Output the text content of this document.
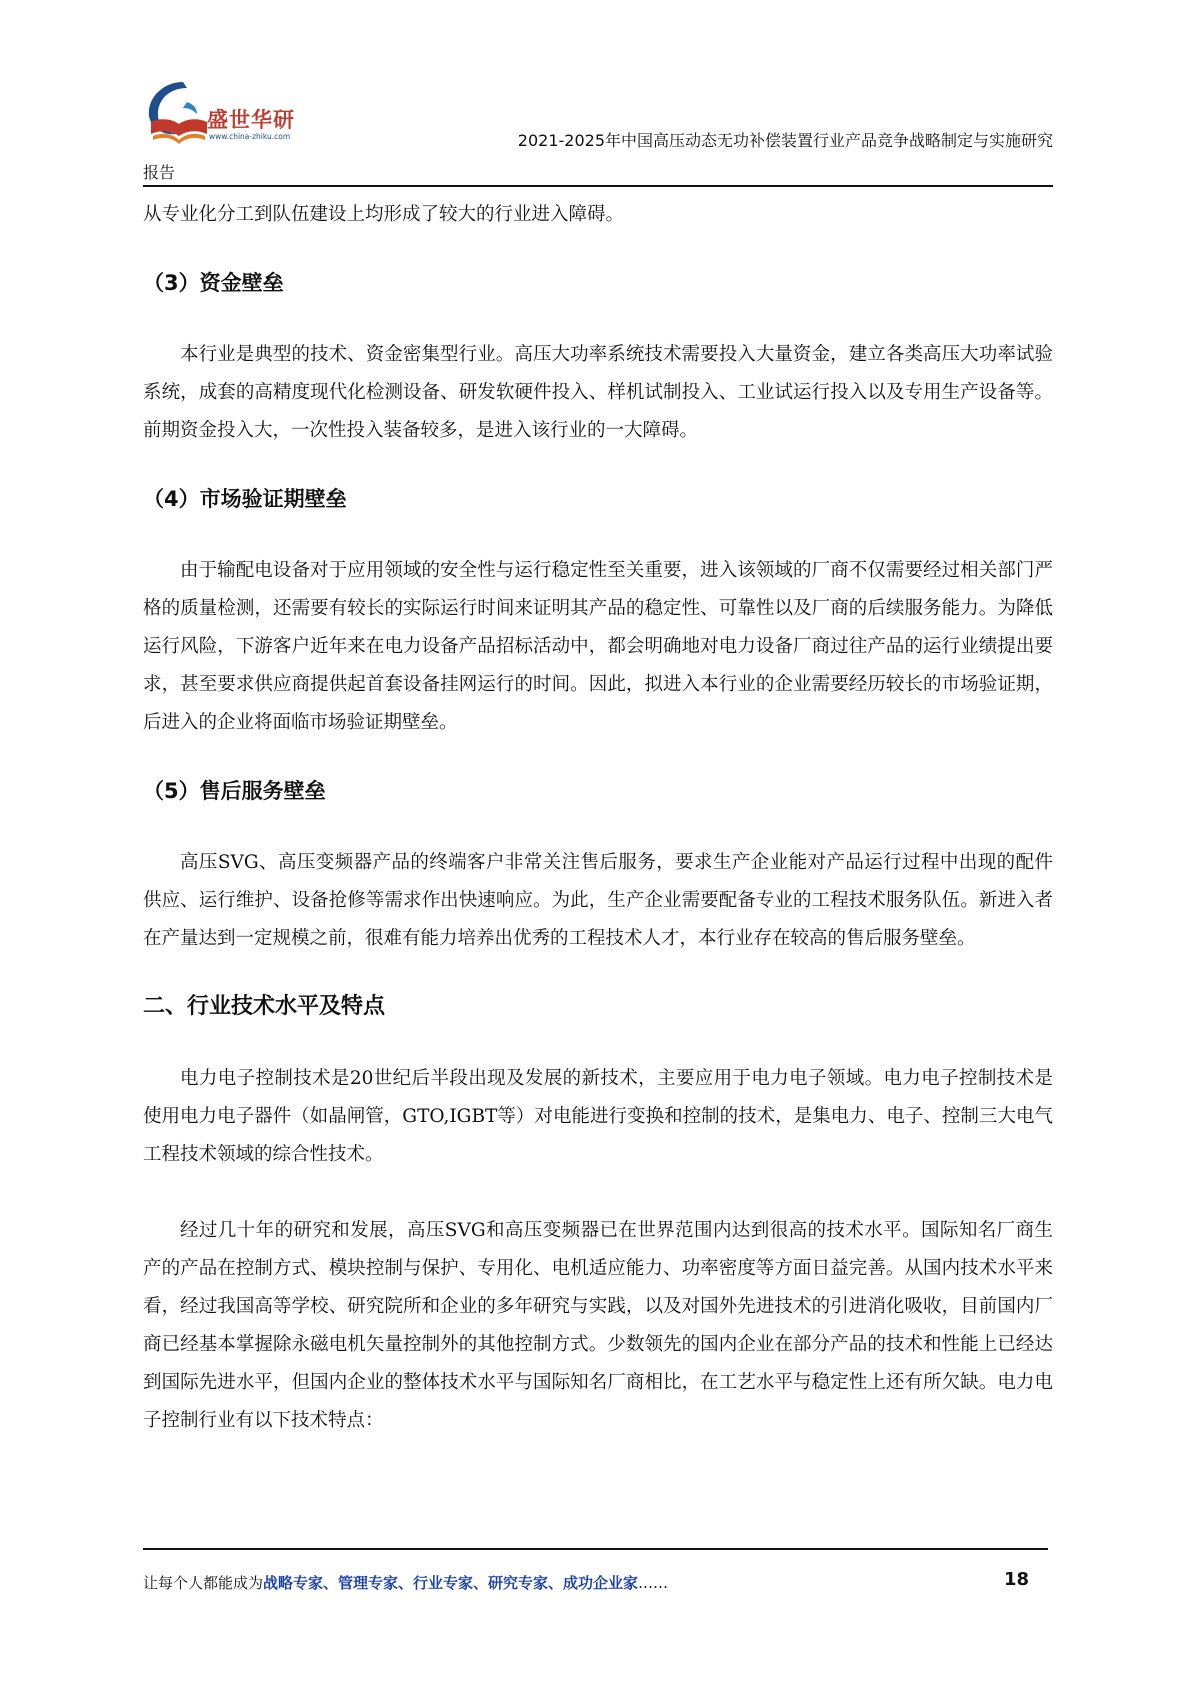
盛世华研
www.china-zhiku.com	2021-2025年中国高压动态无功补偿装置行业产品竞争战略制定与实施研究
报告

从专业化分工到队伍建设上均形成了较大的行业进入障碍。

（3）资金壁垒

本行业是典型的技术、资金密集型行业。高压大功率系统技术需要投入大量资金，建立各类高压大功率试验系统，成套的高精度现代化检测设备、研发软硬件投入、样机试制投入、工业试运行投入以及专用生产设备等。前期资金投入大，一次性投入装备较多，是进入该行业的一大障碍。

（4）市场验证期壁垒

由于输配电设备对于应用领域的安全性与运行稳定性至关重要，进入该领域的厂商不仅需要经过相关部门严格的质量检测，还需要有较长的实际运行时间来证明其产品的稳定性、可靠性以及厂商的后续服务能力。为降低运行风险，下游客户近年来在电力设备产品招标活动中，都会明确地对电力设备厂商过往产品的运行业绩提出要求，甚至要求供应商提供起首套设备挂网运行的时间。因此，拟进入本行业的企业需要经历较长的市场验证期，后进入的企业将面临市场验证期壁垒。

（5）售后服务壁垒

高压SVG、高压变频器产品的终端客户非常关注售后服务，要求生产企业能对产品运行过程中出现的配件供应、运行维护、设备抢修等需求作出快速响应。为此，生产企业需要配备专业的工程技术服务队伍。新进入者在产量达到一定规模之前，很难有能力培养出优秀的工程技术人才，本行业存在较高的售后服务壁垒。

二、行业技术水平及特点

电力电子控制技术是20世纪后半段出现及发展的新技术，主要应用于电力电子领域。电力电子控制技术是使用电力电子器件（如晶闸管，GTO,IGBT等）对电能进行变换和控制的技术，是集电力、电子、控制三大电气工程技术领域的综合性技术。

经过几十年的研究和发展，高压SVG和高压变频器已在世界范围内达到很高的技术水平。国际知名厂商生产的产品在控制方式、模块控制与保护、专用化、电机适应能力、功率密度等方面日益完善。从国内技术水平来看，经过我国高等学校、研究院所和企业的多年研究与实践，以及对国外先进技术的引进消化吸收，目前国内厂商已经基本掌握除永磁电机矢量控制外的其他控制方式。少数领先的国内企业在部分产品的技术和性能上已经达到国际先进水平，但国内企业的整体技术水平与国际知名厂商相比，在工艺水平与稳定性上还有所欠缺。电力电子控制行业有以下技术特点：

让每个人都能成为战略专家、管理专家、行业专家、研究专家、成功企业家……	18
